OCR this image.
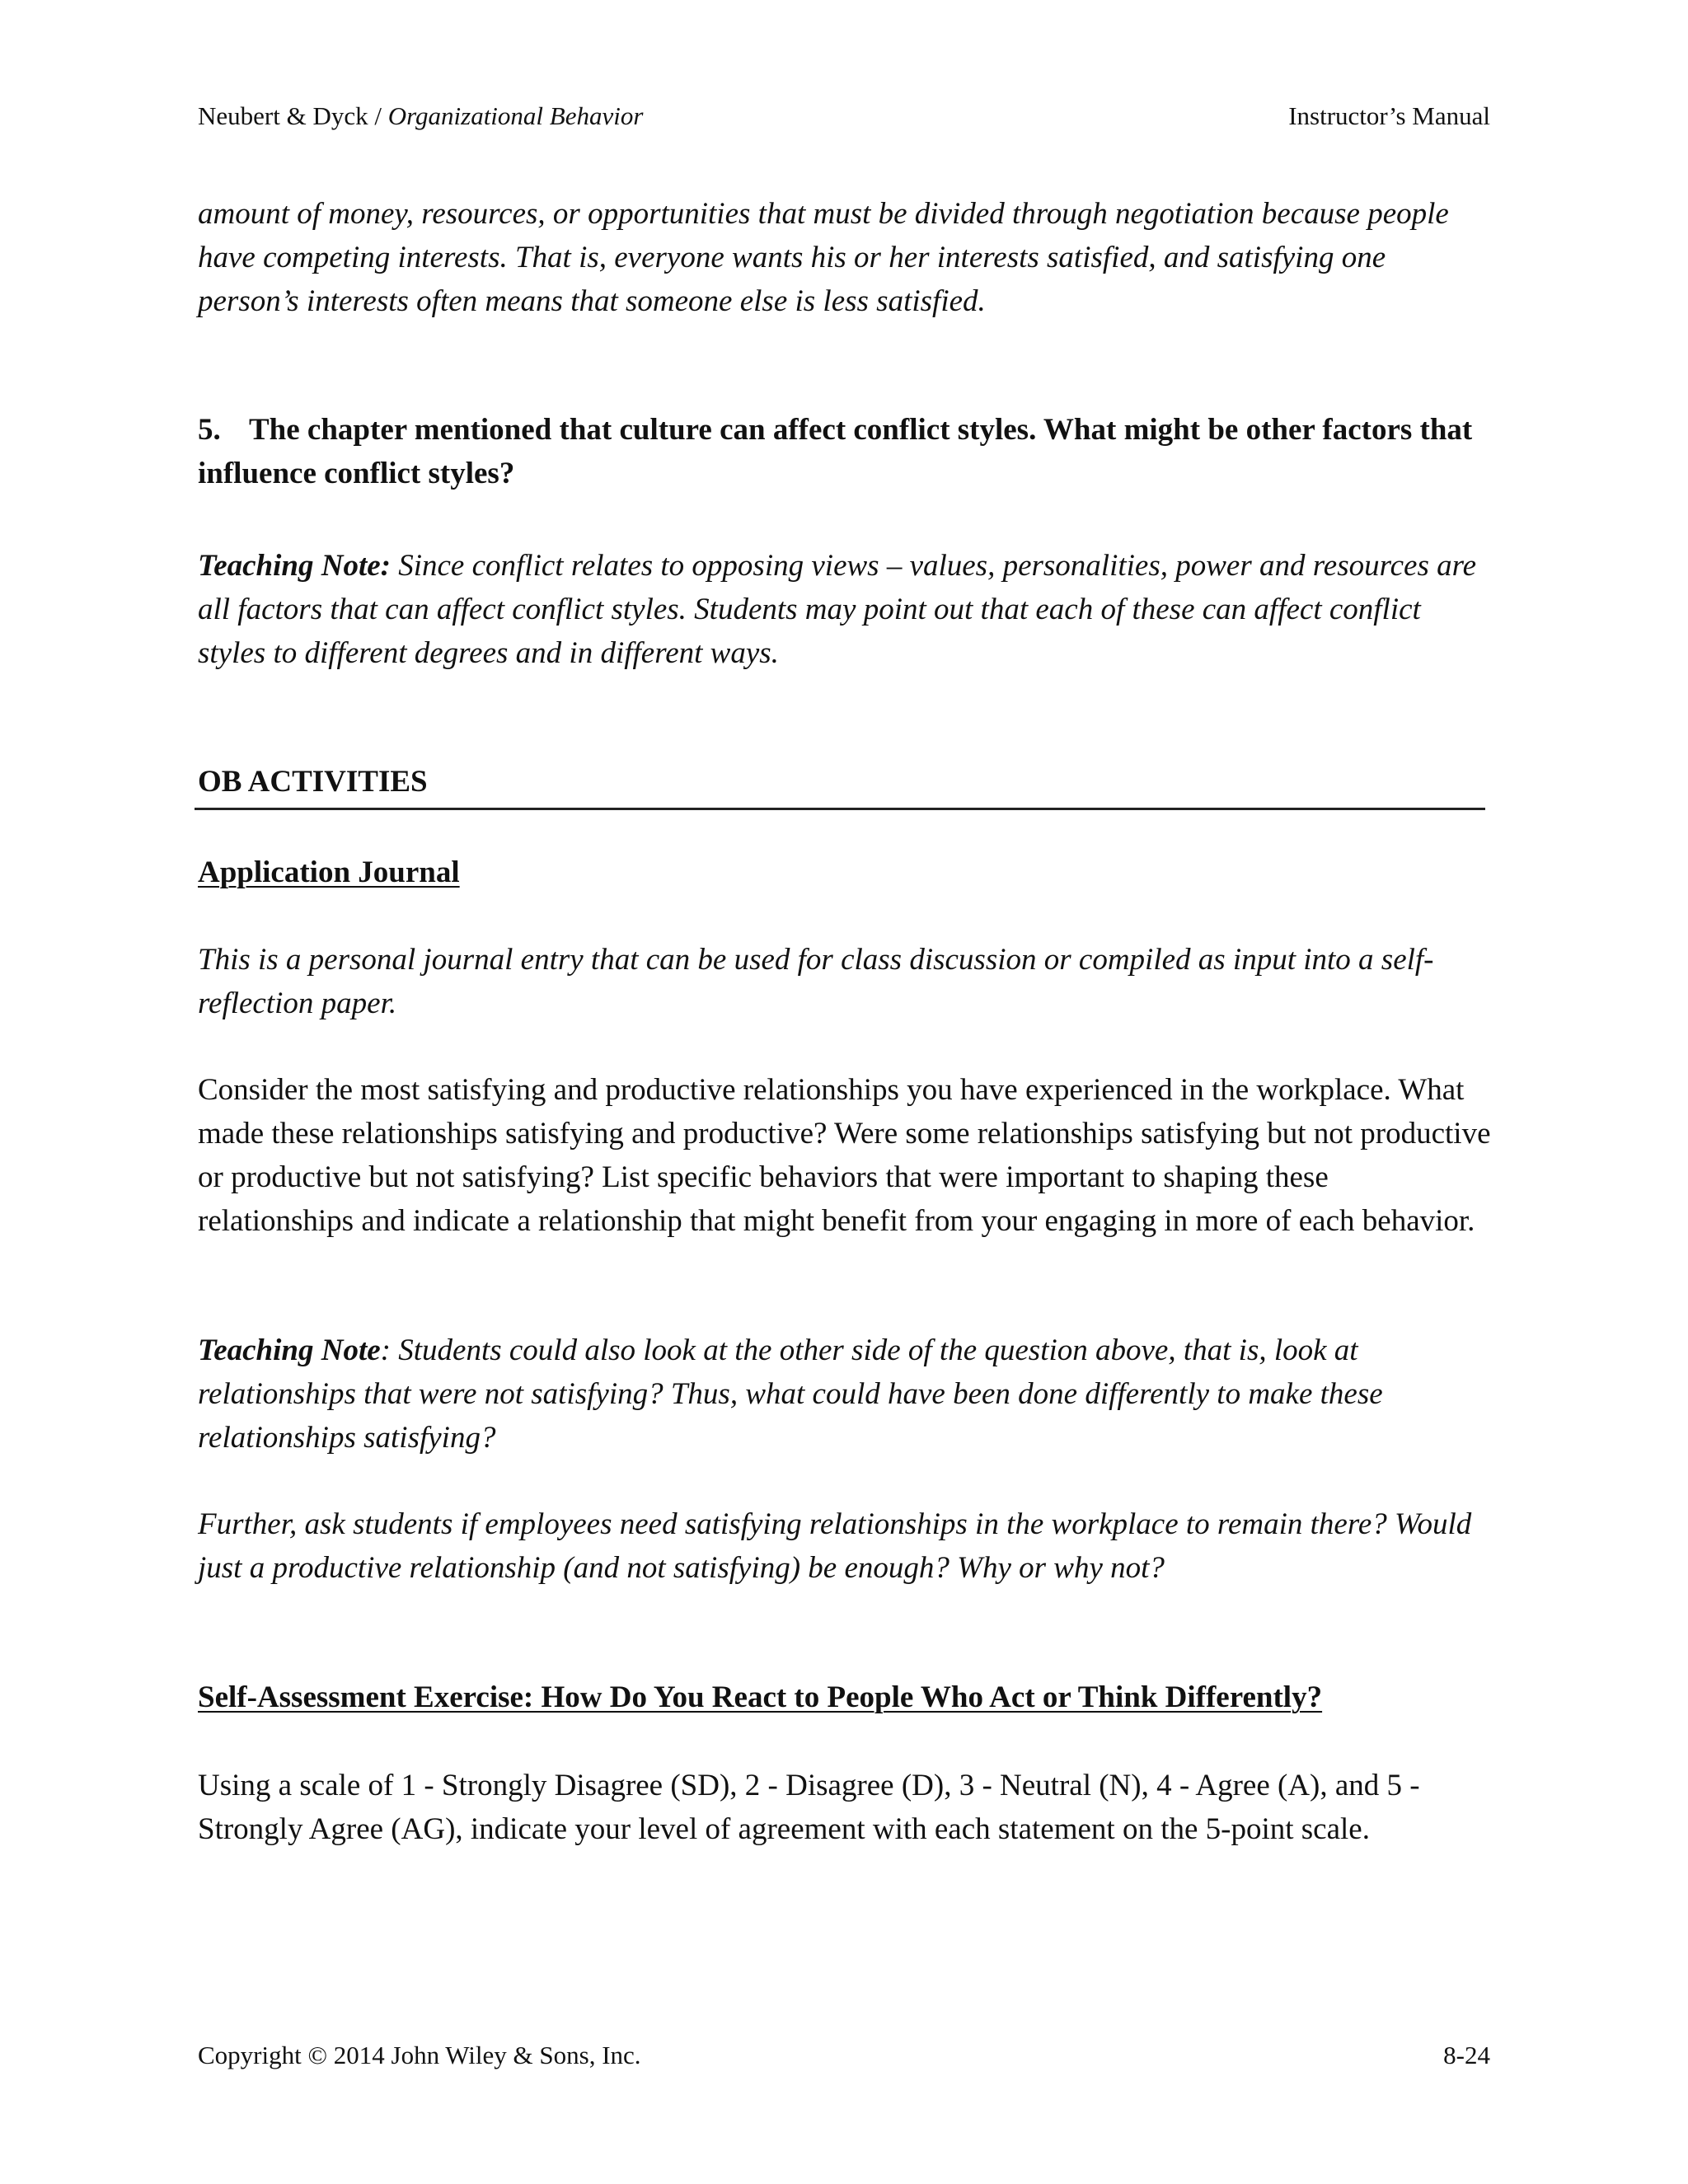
Neubert & Dyck / Organizational Behavior	Instructor’s Manual
amount of money, resources, or opportunities that must be divided through negotiation because people have competing interests. That is, everyone wants his or her interests satisfied, and satisfying one person’s interests often means that someone else is less satisfied.
5. The chapter mentioned that culture can affect conflict styles. What might be other factors that influence conflict styles?
Teaching Note: Since conflict relates to opposing views – values, personalities, power and resources are all factors that can affect conflict styles. Students may point out that each of these can affect conflict styles to different degrees and in different ways.
OB ACTIVITIES
Application Journal
This is a personal journal entry that can be used for class discussion or compiled as input into a self-reflection paper.
Consider the most satisfying and productive relationships you have experienced in the workplace. What made these relationships satisfying and productive? Were some relationships satisfying but not productive or productive but not satisfying? List specific behaviors that were important to shaping these relationships and indicate a relationship that might benefit from your engaging in more of each behavior.
Teaching Note: Students could also look at the other side of the question above, that is, look at relationships that were not satisfying? Thus, what could have been done differently to make these relationships satisfying?
Further, ask students if employees need satisfying relationships in the workplace to remain there? Would just a productive relationship (and not satisfying) be enough? Why or why not?
Self-Assessment Exercise: How Do You React to People Who Act or Think Differently?
Using a scale of 1 - Strongly Disagree (SD), 2 - Disagree (D), 3 - Neutral (N), 4 - Agree (A), and 5 - Strongly Agree (AG), indicate your level of agreement with each statement on the 5-point scale.
Copyright © 2014 John Wiley & Sons, Inc.	8-24
